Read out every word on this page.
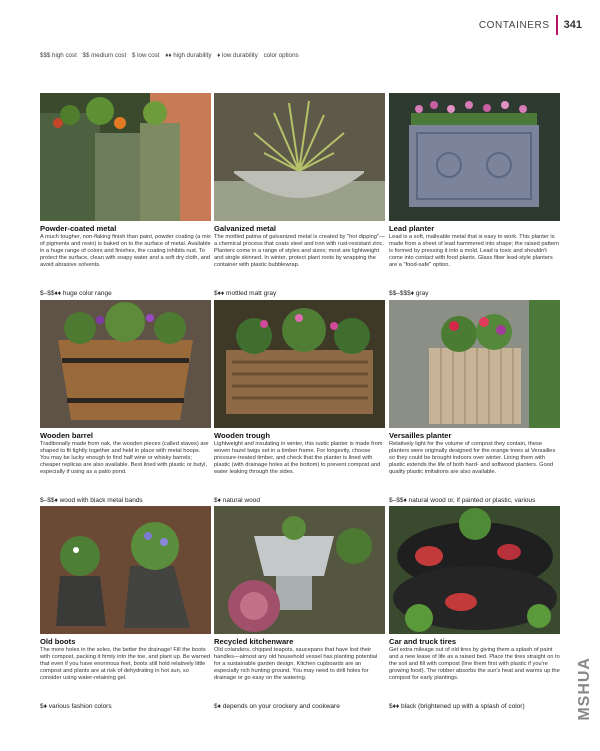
CONTAINERS 341
$$$ high cost $$ medium cost $ low cost ♦♦ high durability ♦ low durability color options
Powder-coated metal

A much tougher, non-flaking finish than paint, powder coating (a mix of pigments and resin) is baked on to the surface of metal. Available in a huge range of colors and finishes, the coating inhibits rust. To protect the surface, clean with soapy water and a soft dry cloth, and avoid abrasive solvents.

$–$$♦♦ huge color range
Galvanized metal

The mottled patina of galvanized metal is created by "hot dipping"—a chemical process that coats steel and iron with rust-resistant zinc. Planters come in a range of styles and sizes; most are lightweight and single skinned. In winter, protect plant roots by wrapping the container with plastic bubblewrap.

$♦♦ mottled matt gray
Lead planter

Lead is a soft, malleable metal that is easy to work. This planter is made from a sheet of lead hammered into shape; the raised pattern is formed by pressing it into a mold. Lead is toxic and shouldn't come into contact with food plants. Glass fiber lead-style planters are a "food-safe" option.

$$–$$$♦ gray
Wooden barrel

Traditionally made from oak, the wooden pieces (called staves) are shaped to fit tightly together and held in place with metal hoops. You may be lucky enough to find half wine or whisky barrels; cheaper replicas are also available. Best lined with plastic or butyl, especially if using as a patio pond.

$–$$♦ wood with black metal bands
Wooden trough

Lightweight and insulating in winter, this rustic planter is made from woven hazel twigs set in a timber frame. For longevity, choose pressure-treated timber, and check that the planter is lined with plastic (with drainage holes at the bottom) to prevent compost and water leaking through the sides.

$♦ natural wood
Versailles planter

Relatively light for the volume of compost they contain, these planters were originally designed for the orange trees at Versailles so they could be brought indoors over winter. Lining them with plastic extends the life of both hard- and softwood planters. Good quality plastic imitations are also available.

$–$$♦ natural wood or, if painted or plastic, various
Old boots

The more holes in the soles, the better the drainage! Fill the boots with compost, packing it firmly into the toe, and plant up. Be warned that even if you have enormous feet, boots still hold relatively little compost and plants are at risk of dehydrating in hot sun, so consider using water-retaining gel.

$♦ various fashion colors
Recycled kitchenware

Old colanders, chipped teapots, saucepans that have lost their handles—almost any old household vessel has planting potential for a sustainable garden design. Kitchen cupboards are an especially rich hunting ground. You may need to drill holes for drainage or go easy on the watering.

$♦ depends on your crockery and cookware
Car and truck tires

Get extra mileage out of old tires by giving them a splash of paint and a new lease of life as a raised bed. Place the tires straight on to the soil and fill with compost (line them first with plastic if you're growing food). The robber absorbs the sun's heat and warms up the compost for early plantings.

$♦♦ black (brightened up with a splash of color)	MSHUA
